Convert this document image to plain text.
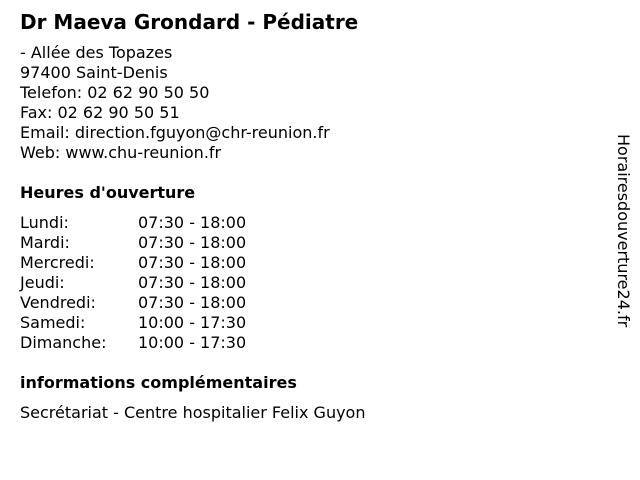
Dr Maeva Grondard - Pédiatre
- Allée des Topazes
97400 Saint-Denis
Telefon: 02 62 90 50 50
Fax: 02 62 90 50 51
Email: direction.fguyon@chr-reunion.fr
Web: www.chu-reunion.fr
Heures d'ouverture
Lundi:	07:30 - 18:00
Mardi:	07:30 - 18:00
Mercredi:	07:30 - 18:00
Jeudi:	07:30 - 18:00
Vendredi:	07:30 - 18:00
Samedi:	10:00 - 17:30
Dimanche:	10:00 - 17:30
informations complémentaires
Secrétariat - Centre hospitalier Felix Guyon
Horairesdouverture24.fr
